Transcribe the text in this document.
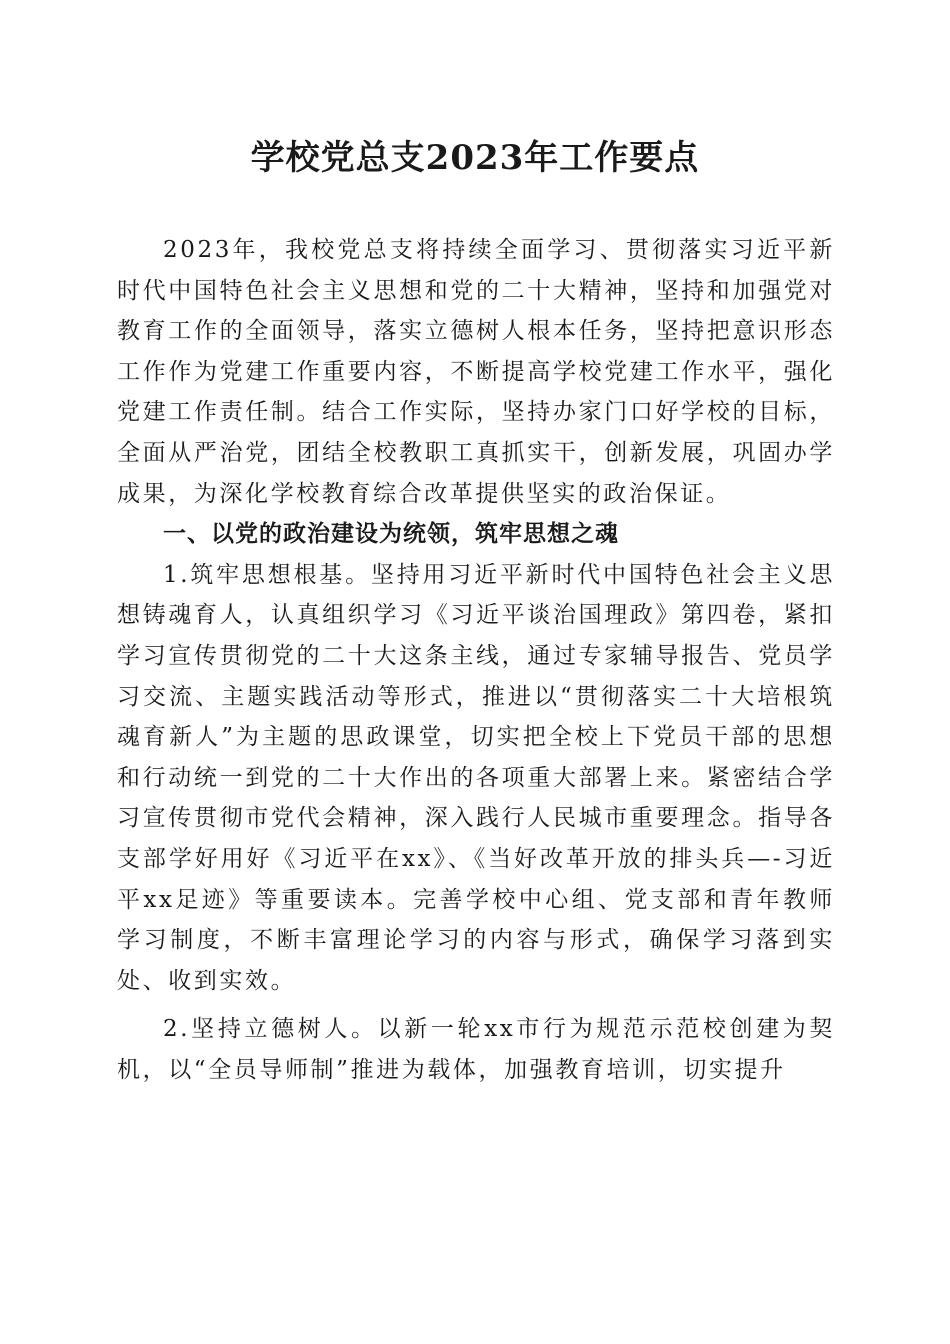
学校党总支2023年工作要点

2023年，我校党总支将持续全面学习、贯彻落实习近平新时代中国特色社会主义思想和党的二十大精神，坚持和加强党对教育工作的全面领导，落实立德树人根本任务，坚持把意识形态工作作为党建工作重要内容，不断提高学校党建工作水平，强化党建工作责任制。结合工作实际，坚持办家门口好学校的目标，全面从严治党，团结全校教职工真抓实干，创新发展，巩固办学成果，为深化学校教育综合改革提供坚实的政治保证。

一、以党的政治建设为统领，筑牢思想之魂

1.筑牢思想根基。坚持用习近平新时代中国特色社会主义思想铸魂育人，认真组织学习《习近平谈治国理政》第四卷，紧扣学习宣传贯彻党的二十大这条主线，通过专家辅导报告、党员学习交流、主题实践活动等形式，推进以“贯彻落实二十大培根筑魂育新人”为主题的思政课堂，切实把全校上下党员干部的思想和行动统一到党的二十大作出的各项重大部署上来。紧密结合学习宣传贯彻市党代会精神，深入践行人民城市重要理念。指导各支部学好用好《习近平在xx》、《当好改革开放的排头兵—-习近平xx足迹》等重要读本。完善学校中心组、党支部和青年教师学习制度，不断丰富理论学习的内容与形式，确保学习落到实处、收到实效。

2.坚持立德树人。以新一轮xx市行为规范示范校创建为契机，以“全员导师制”推进为载体，加强教育培训，切实提升
